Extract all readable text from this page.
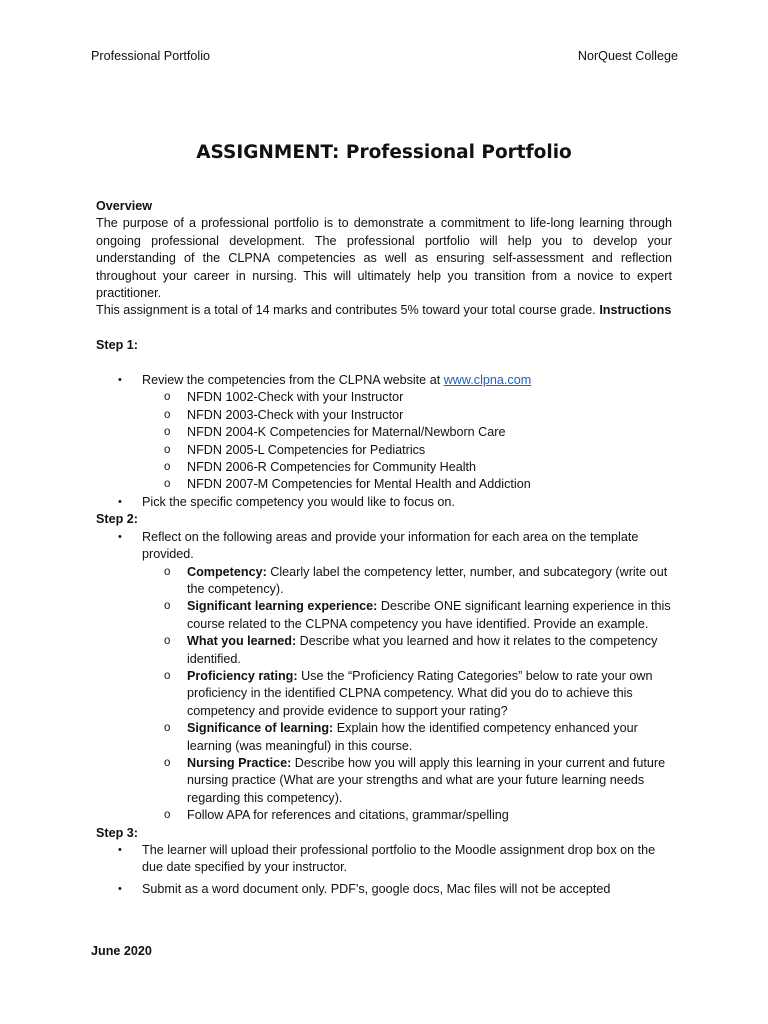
Professional Portfolio	NorQuest College
ASSIGNMENT: Professional Portfolio
Overview
The purpose of a professional portfolio is to demonstrate a commitment to life-long learning through ongoing professional development. The professional portfolio will help you to develop your understanding of the CLPNA competencies as well as ensuring self-assessment and reflection throughout your career in nursing. This will ultimately help you transition from a novice to expert practitioner.
This assignment is a total of 14 marks and contributes 5% toward your total course grade. Instructions
Step 1:
• Review the competencies from the CLPNA website at www.clpna.com
o NFDN 1002-Check with your Instructor
o NFDN 2003-Check with your Instructor
o NFDN 2004-K Competencies for Maternal/Newborn Care
o NFDN 2005-L Competencies for Pediatrics
o NFDN 2006-R Competencies for Community Health
o NFDN 2007-M Competencies for Mental Health and Addiction
• Pick the specific competency you would like to focus on.
Step 2:
• Reflect on the following areas and provide your information for each area on the template provided.
o Competency: Clearly label the competency letter, number, and subcategory (write out the competency).
o Significant learning experience: Describe ONE significant learning experience in this course related to the CLPNA competency you have identified. Provide an example.
o What you learned: Describe what you learned and how it relates to the competency identified.
o Proficiency rating: Use the “Proficiency Rating Categories” below to rate your own proficiency in the identified CLPNA competency. What did you do to achieve this competency and provide evidence to support your rating?
o Significance of learning: Explain how the identified competency enhanced your learning (was meaningful) in this course.
o Nursing Practice: Describe how you will apply this learning in your current and future nursing practice (What are your strengths and what are your future learning needs regarding this competency).
o Follow APA for references and citations, grammar/spelling
Step 3:
• The learner will upload their professional portfolio to the Moodle assignment drop box on the due date specified by your instructor.
• Submit as a word document only. PDF's, google docs, Mac files will not be accepted
June 2020
